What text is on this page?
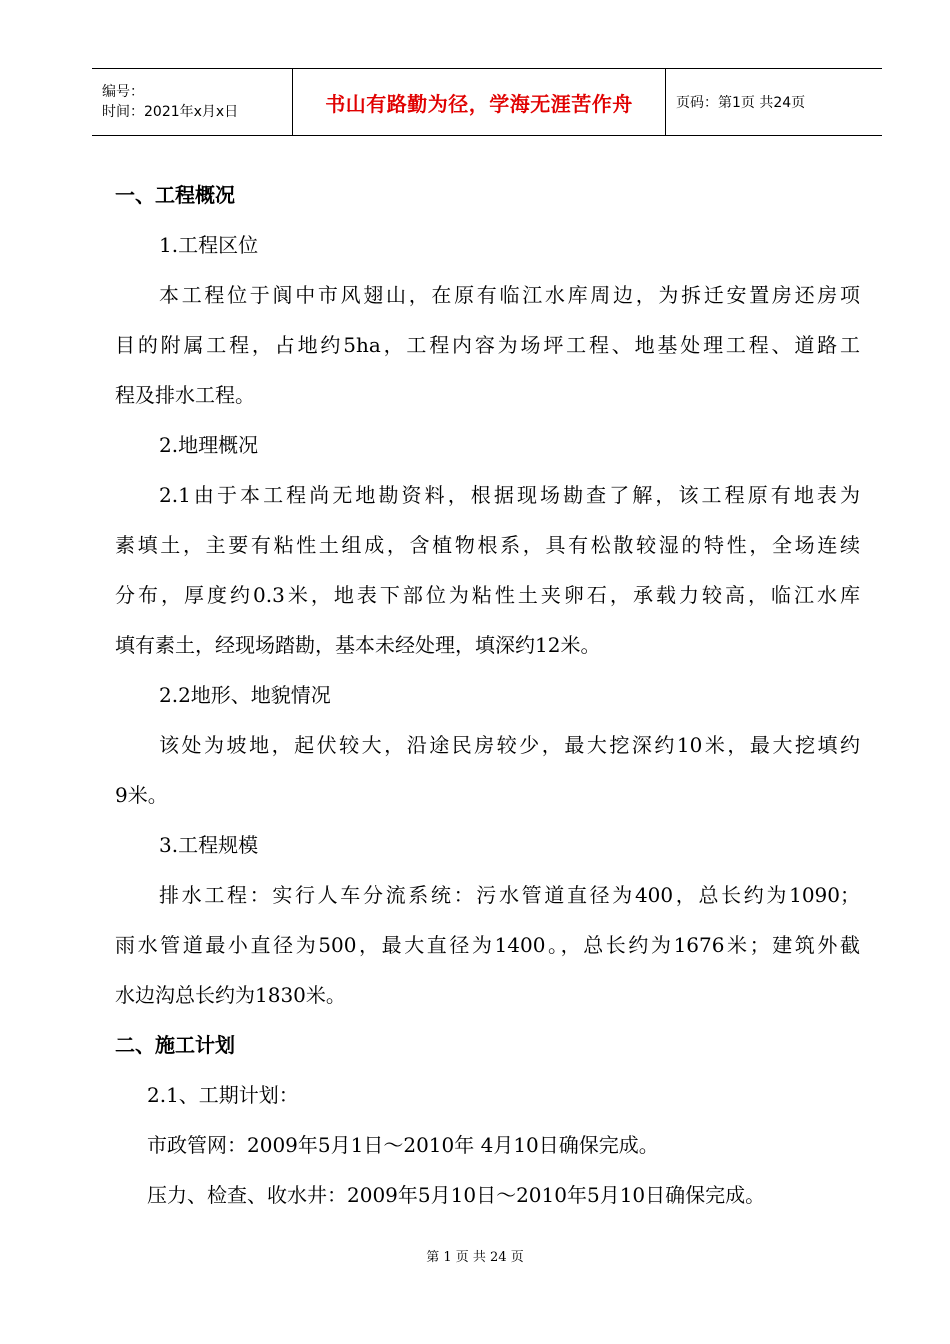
编号：
时间：2021年x月x日	书山有路勤为径，学海无涯苦作舟	页码：第1页 共24页
一、工程概况
1.工程区位
本工程位于阆中市风翅山，在原有临江水库周边，为拆迁安置房还房项
目的附属工程，占地约5ha，工程内容为场坪工程、地基处理工程、道路工
程及排水工程。
2.地理概况
2.1由于本工程尚无地勘资料，根据现场勘查了解，该工程原有地表为
素填土，主要有粘性土组成，含植物根系，具有松散较湿的特性，全场连续
分布，厚度约0.3米，地表下部位为粘性土夹卵石，承载力较高，临江水库
填有素土，经现场踏勘，基本未经处理，填深约12米。
2.2地形、地貌情况
该处为坡地，起伏较大，沿途民房较少，最大挖深约10米，最大挖填约
9米。
3.工程规模
排水工程：实行人车分流系统：污水管道直径为400，总长约为1090；
雨水管道最小直径为500，最大直径为1400。，总长约为1676米；建筑外截
水边沟总长约为1830米。
二、施工计划
2.1、工期计划：
市政管网：2009年5月1日～2010年 4月10日确保完成。
压力、检查、收水井：2009年5月10日～2010年5月10日确保完成。
第 1 页 共 24 页
